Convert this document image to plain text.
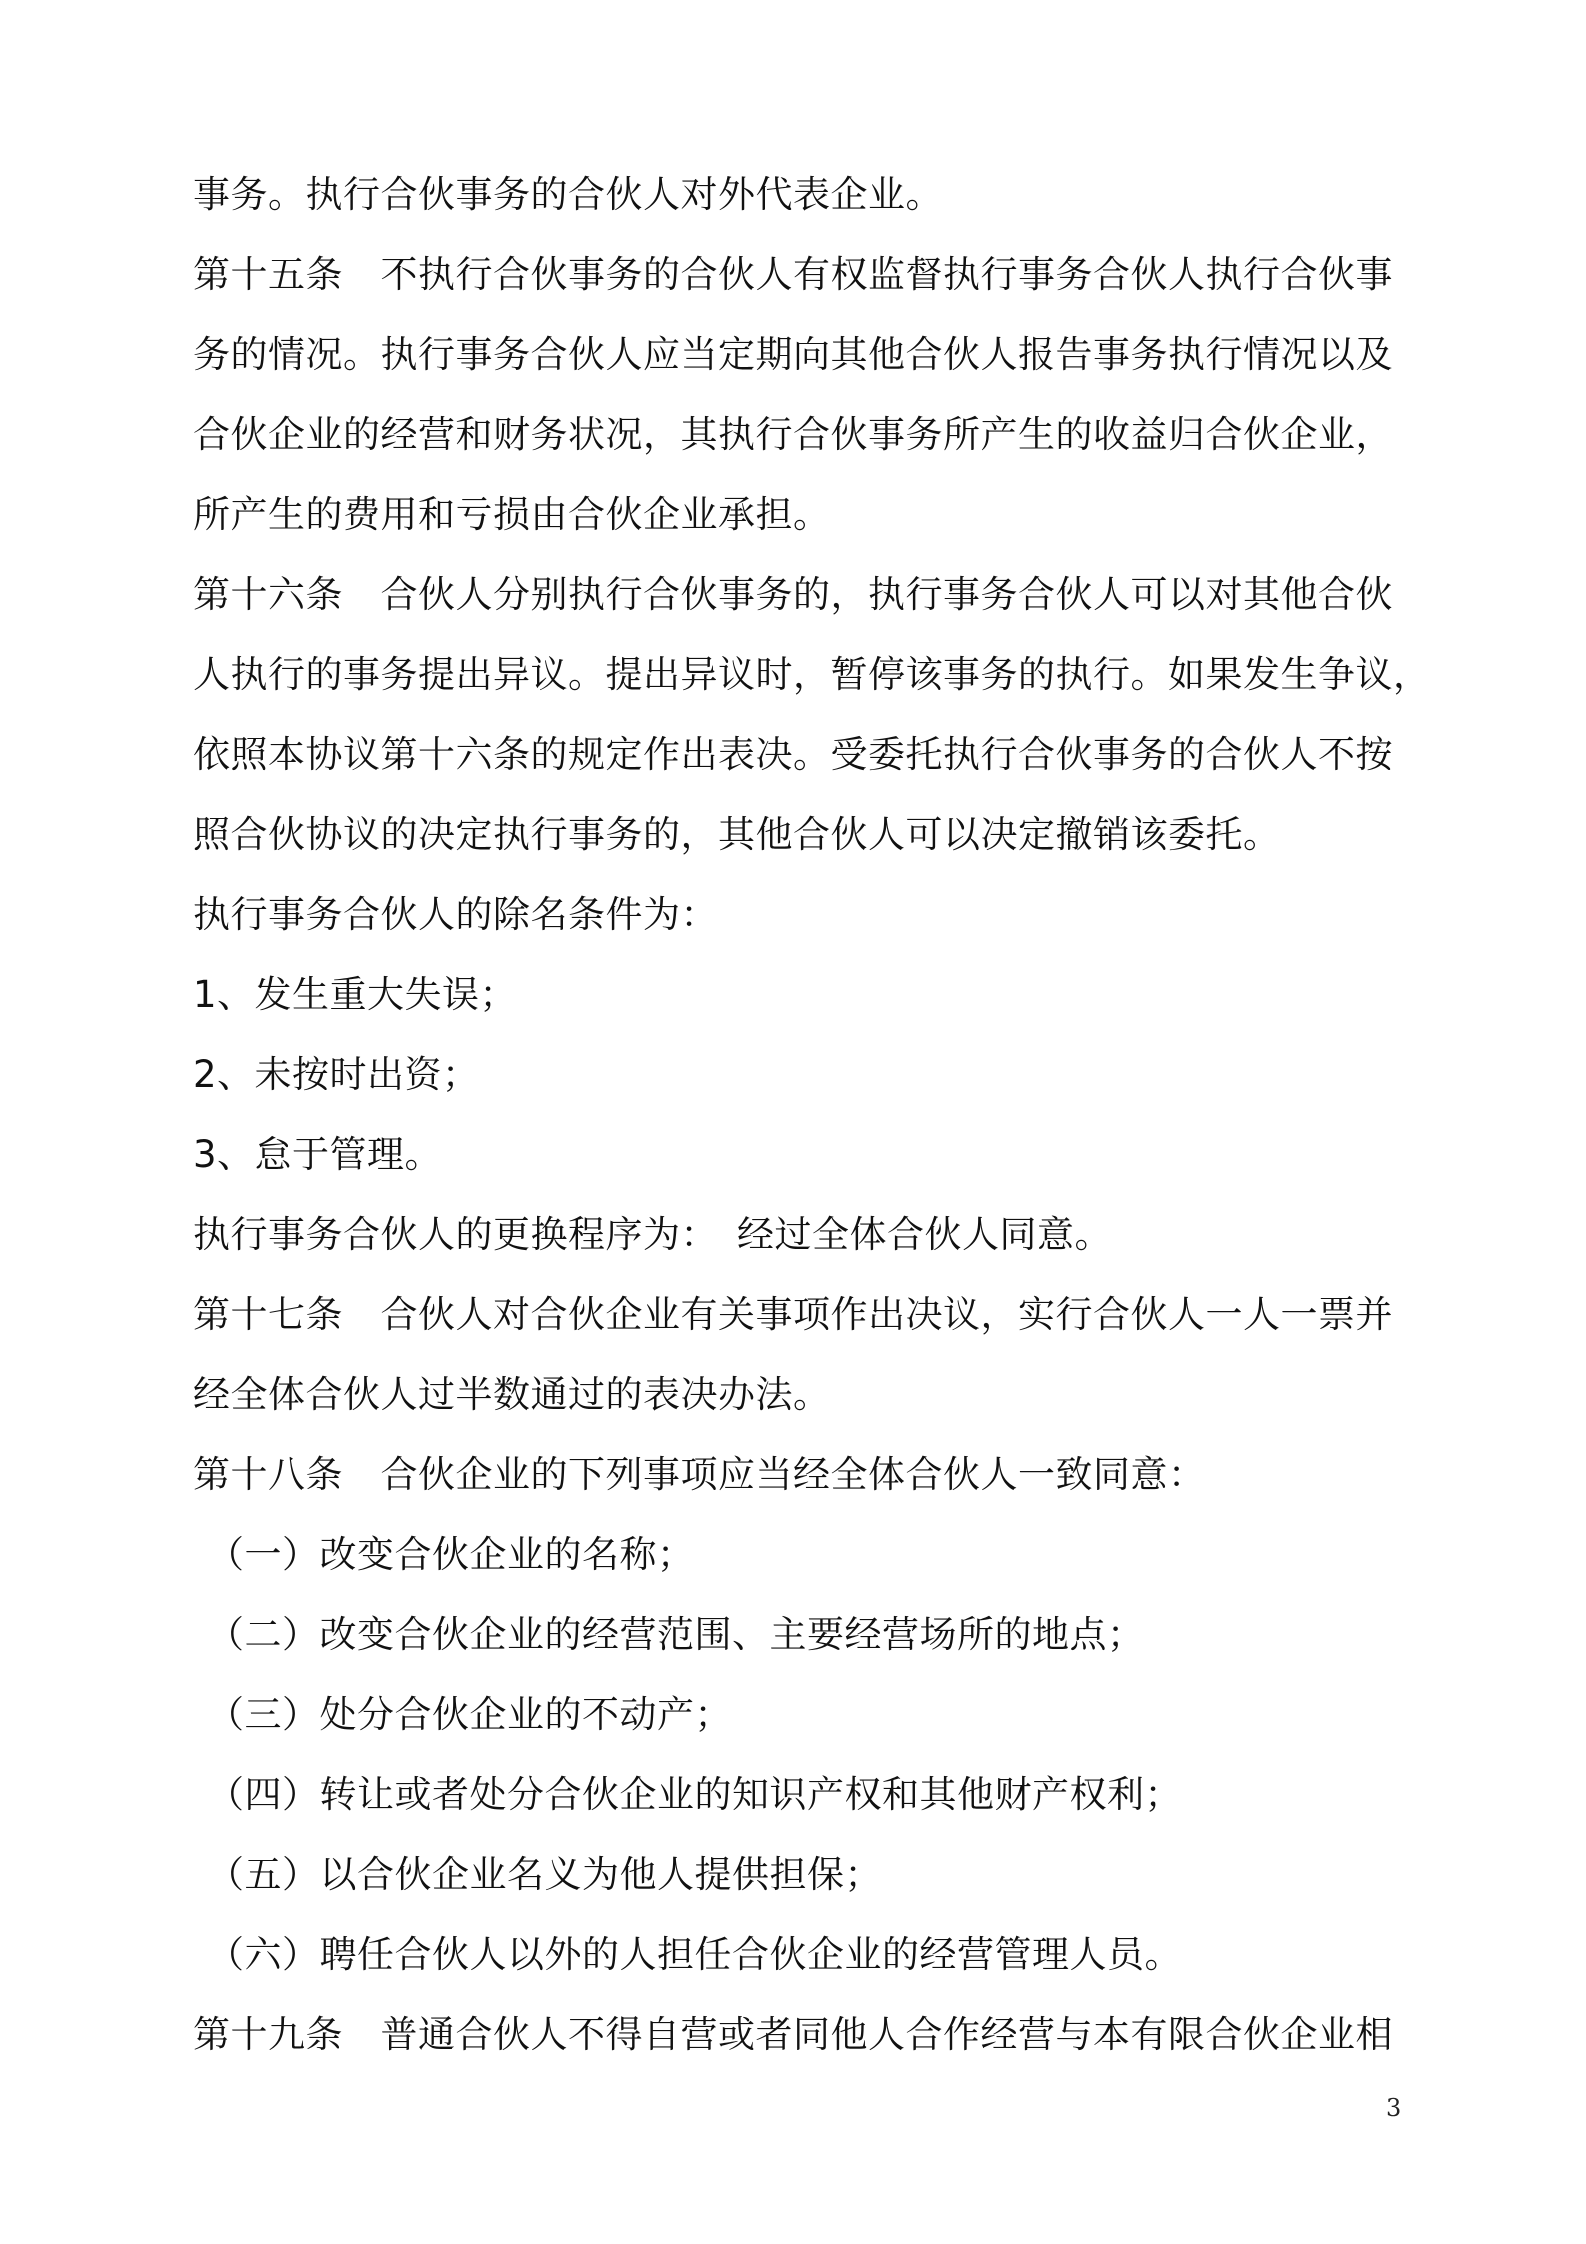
事务。执行合伙事务的合伙人对外代表企业。
第十五条　不执行合伙事务的合伙人有权监督执行事务合伙人执行合伙事
务的情况。执行事务合伙人应当定期向其他合伙人报告事务执行情况以及
合伙企业的经营和财务状况，其执行合伙事务所产生的收益归合伙企业，
所产生的费用和亏损由合伙企业承担。
第十六条　合伙人分别执行合伙事务的，执行事务合伙人可以对其他合伙
人执行的事务提出异议。提出异议时，暂停该事务的执行。如果发生争议，
依照本协议第十六条的规定作出表决。受委托执行合伙事务的合伙人不按
照合伙协议的决定执行事务的，其他合伙人可以决定撤销该委托。
执行事务合伙人的除名条件为：
1、发生重大失误；
2、未按时出资；
3、怠于管理。
执行事务合伙人的更换程序为：　经过全体合伙人同意。
第十七条　合伙人对合伙企业有关事项作出决议，实行合伙人一人一票并
经全体合伙人过半数通过的表决办法。
第十八条　合伙企业的下列事项应当经全体合伙人一致同意：
（一）改变合伙企业的名称；
（二）改变合伙企业的经营范围、主要经营场所的地点；
（三）处分合伙企业的不动产；
（四）转让或者处分合伙企业的知识产权和其他财产权利；
（五）以合伙企业名义为他人提供担保；
（六）聘任合伙人以外的人担任合伙企业的经营管理人员。
第十九条　普通合伙人不得自营或者同他人合作经营与本有限合伙企业相
3
